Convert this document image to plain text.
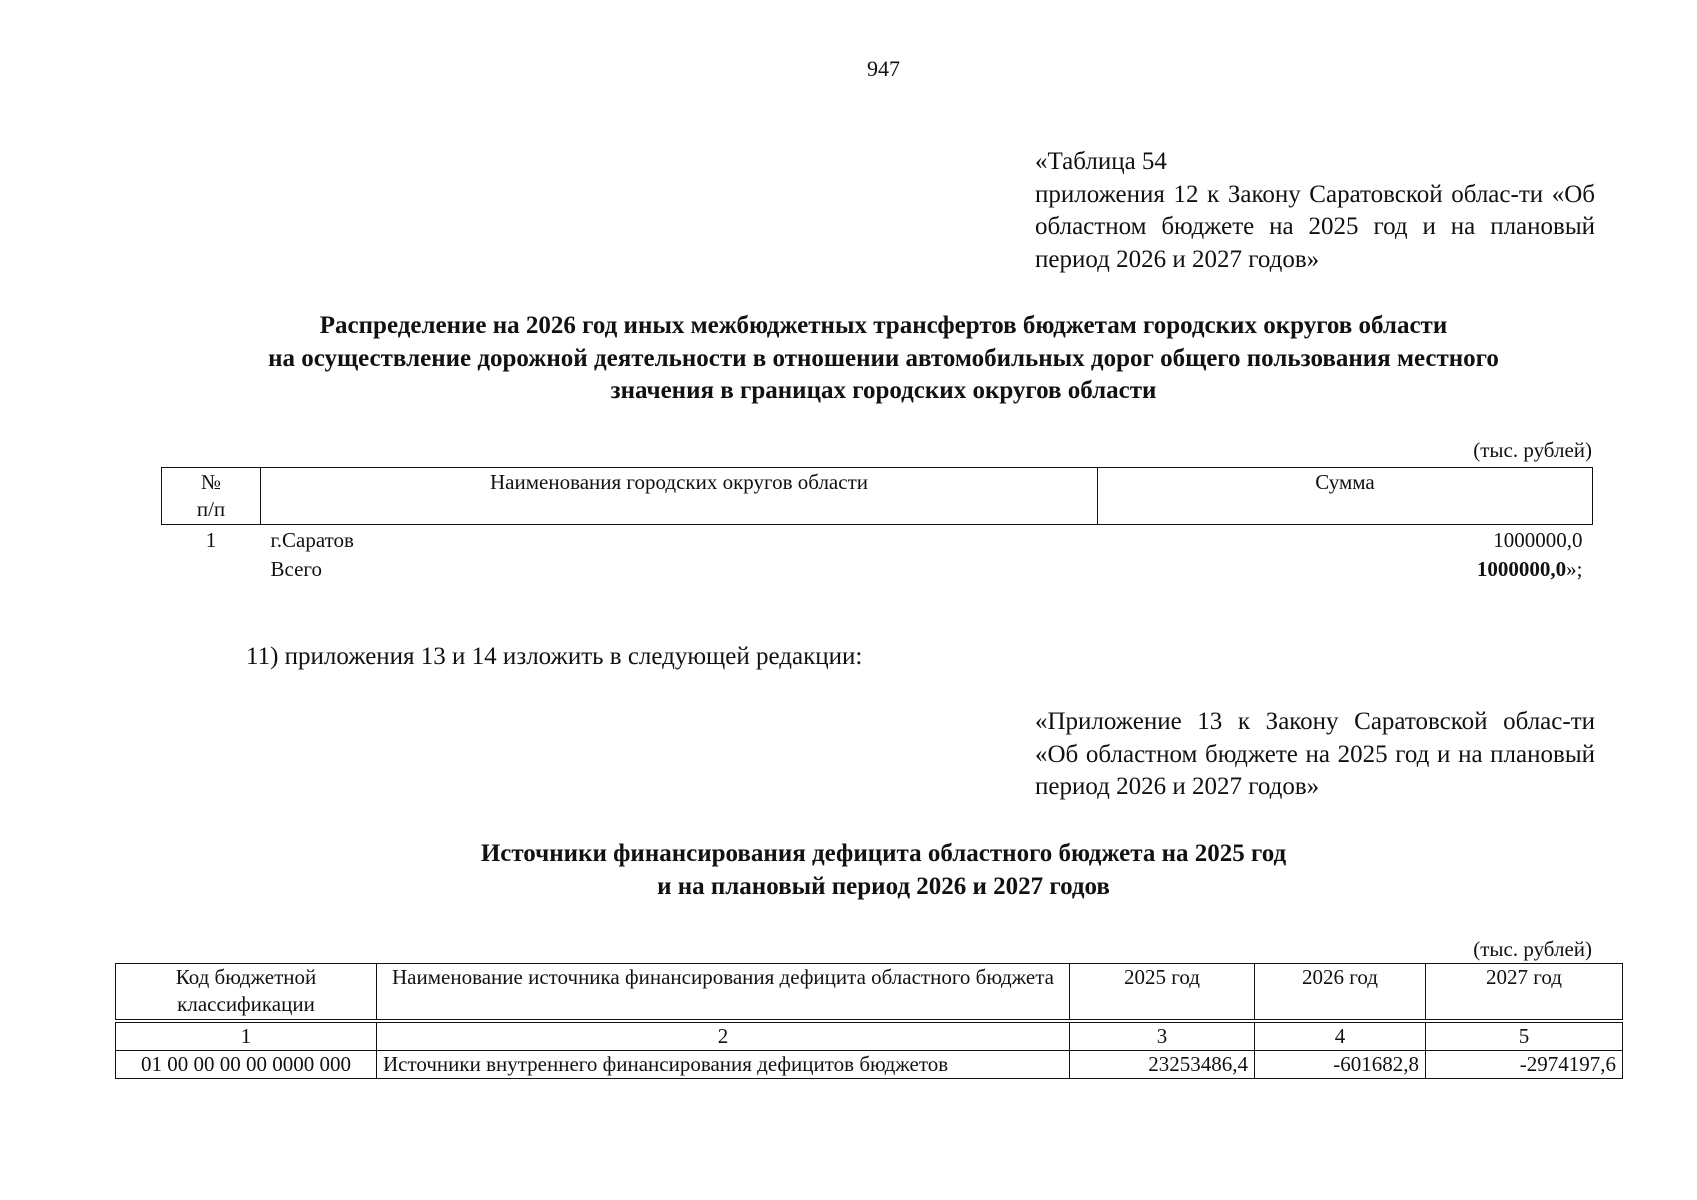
947

«Таблица 54

приложения 12 к Закону Саратовской облас-ти «Об областном бюджете на 2025 год и на плановый период 2026 и 2027 годов»

Распределение на 2026 год иных межбюджетных трансфертов бюджетам городских округов области
на осуществление дорожной деятельности в отношении автомобильных дорог общего пользования местного
значения в границах городских округов области
(тыс. рублей)
№
п/п	Наименования городских округов области	Сумма
1	г.Саратов	1000000,0
	Всего	1000000,0»;
11) приложения 13 и 14 изложить в следующей редакции:

«Приложение 13 к Закону Саратовской облас-ти «Об областном бюджете на 2025 год и на плановый период 2026 и 2027 годов»

Источники финансирования дефицита областного бюджета на 2025 год
и на плановый период 2026 и 2027 годов
(тыс. рублей)
Код бюджетной классификации	Наименование источника финансирования дефицита областного бюджета	2025 год	2026 год	2027 год
1	2	3	4	5
01 00 00 00 00 0000 000	Источники внутреннего финансирования дефицитов бюджетов	23253486,4	-601682,8	-2974197,6
